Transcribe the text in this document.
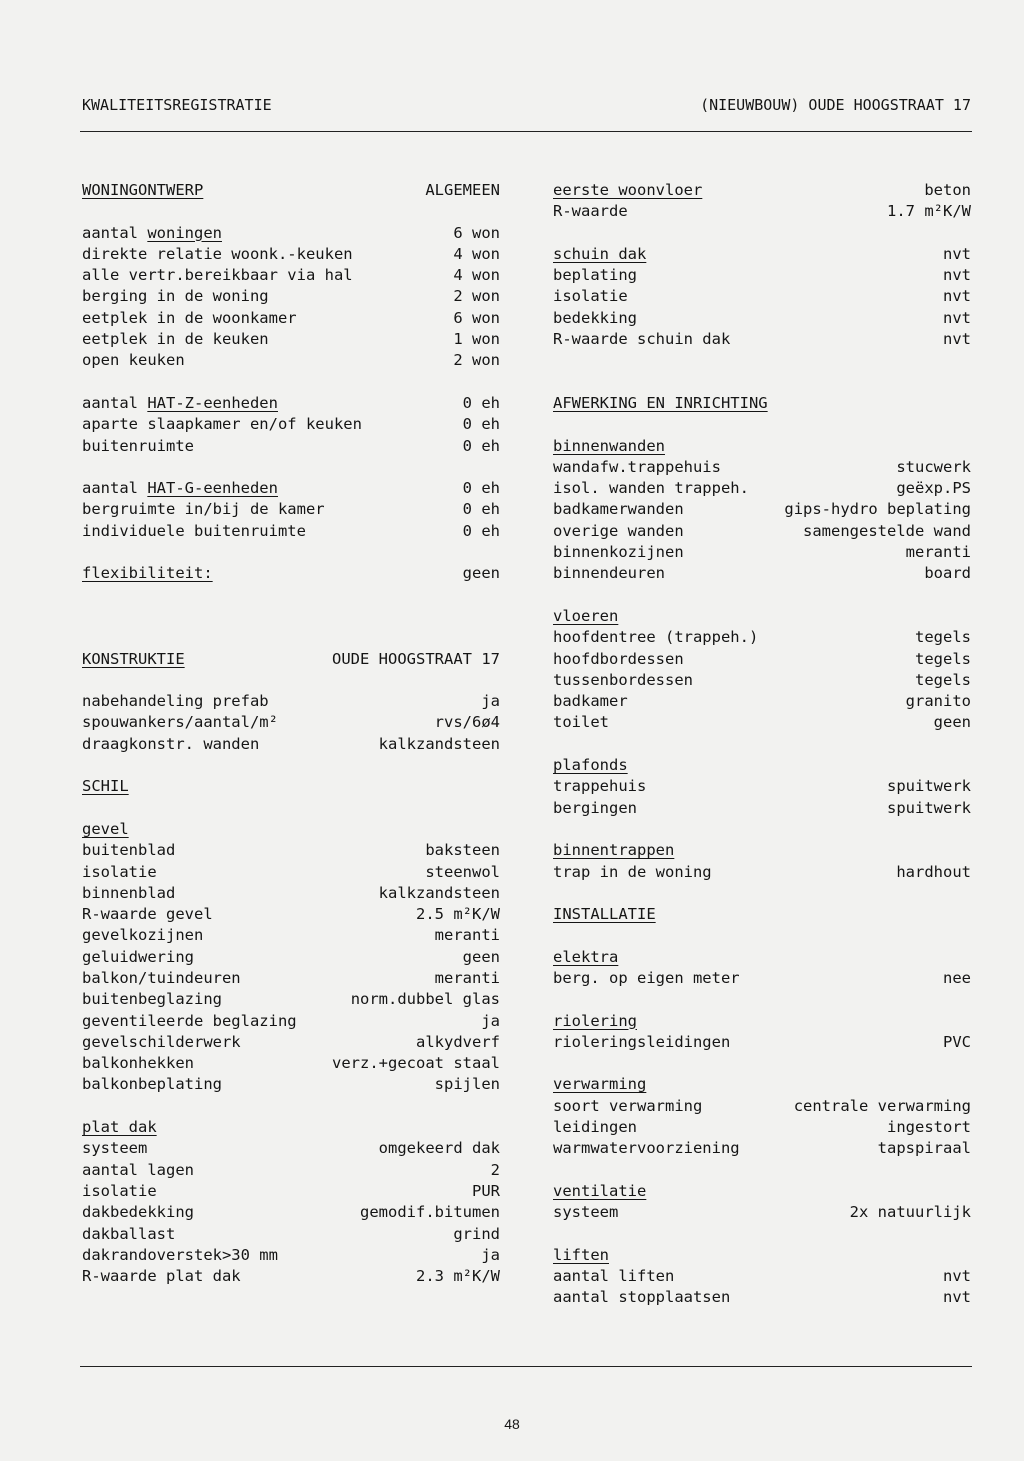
KWALITEITSREGISTRATIE	(NIEUWBOUW) OUDE HOOGSTRAAT 17
WONINGONTWERP	ALGEMEEN
aantal woningen	6 won
direkte relatie woonk.-keuken	4 won
alle vertr.bereikbaar via hal	4 won
berging in de woning	2 won
eetplek in de woonkamer	6 won
eetplek in de keuken	1 won
open keuken	2 won
aantal HAT-Z-eenheden	0 eh
aparte slaapkamer en/of keuken	0 eh
buitenruimte	0 eh
aantal HAT-G-eenheden	0 eh
bergruimte in/bij de kamer	0 eh
individuele buitenruimte	0 eh
flexibiliteit:	geen
KONSTRUKTIE	OUDE HOOGSTRAAT 17
nabehandeling prefab	ja
spouwankers/aantal/m²	rvs/6ø4
draagkonstr. wanden	kalkzandsteen
SCHIL
gevel
buitenblad	baksteen
isolatie	steenwol
binnenblad	kalkzandsteen
R-waarde gevel	2.5 m²K/W
gevelkozijnen	meranti
geluidwering	geen
balkon/tuindeuren	meranti
buitenbeglazing	norm.dubbel glas
geventileerde beglazing	ja
gevelschilderwerk	alkydverf
balkonhekken	verz.+gecoat staal
balkonbeplating	spijlen
plat dak
systeem	omgekeerd dak
aantal lagen	2
isolatie	PUR
dakbedekking	gemodif.bitumen
dakballast	grind
dakrandoverstek>30 mm	ja
R-waarde plat dak	2.3 m²K/W
eerste woonvloer	beton
R-waarde	1.7 m²K/W
schuin dak	nvt
beplating	nvt
isolatie	nvt
bedekking	nvt
R-waarde schuin dak	nvt
AFWERKING EN INRICHTING
binnenwanden
wandafw.trappehuis	stucwerk
isol. wanden trappeh.	geëxp.PS
badkamerwanden	gips-hydro beplating
overige wanden	samengestelde wand
binnenkozijnen	meranti
binnendeuren	board
vloeren
hoofdentree (trappeh.)	tegels
hoofdbordessen	tegels
tussenbordessen	tegels
badkamer	granito
toilet	geen
plafonds
trappehuis	spuitwerk
bergingen	spuitwerk
binnentrappen
trap in de woning	hardhout
INSTALLATIE
elektra
berg. op eigen meter	nee
riolering
rioleringsleidingen	PVC
verwarming
soort verwarming	centrale verwarming
leidingen	ingestort
warmwatervoorziening	tapspiraal
ventilatie
systeem	2x natuurlijk
liften
aantal liften	nvt
aantal stopplaatsen	nvt
48
